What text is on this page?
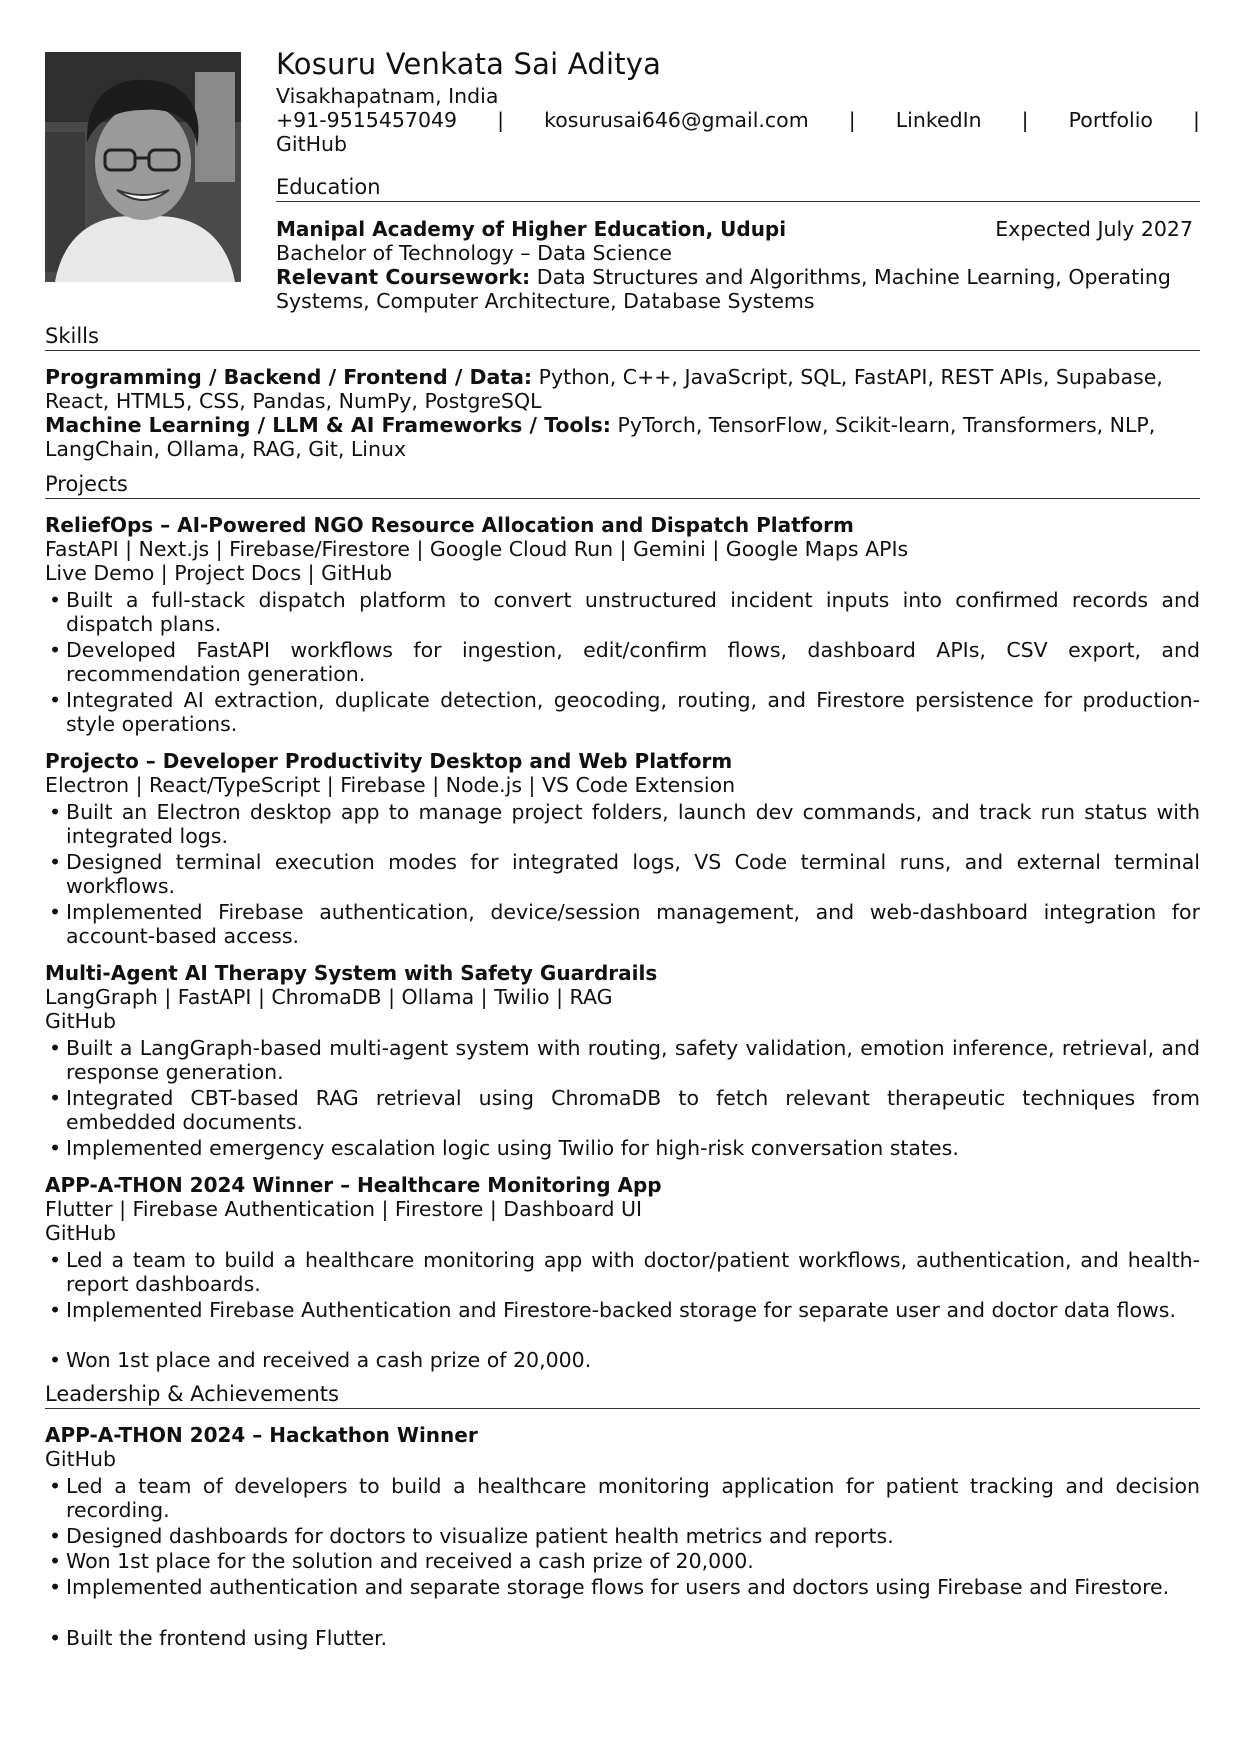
Kosuru Venkata Sai Aditya
Visakhapatnam, India
+91-9515457049 | kosurusai646@gmail.com | LinkedIn | Portfolio |
GitHub
Education
Manipal Academy of Higher Education, Udupi	Expected July 2027
Bachelor of Technology – Data Science
Relevant Coursework: Data Structures and Algorithms, Machine Learning, Operating
Systems, Computer Architecture, Database Systems
Skills
Programming / Backend / Frontend / Data: Python, C++, JavaScript, SQL, FastAPI, REST APIs, Supabase,
React, HTML5, CSS, Pandas, NumPy, PostgreSQL
Machine Learning / LLM & AI Frameworks / Tools: PyTorch, TensorFlow, Scikit-learn, Transformers, NLP,
LangChain, Ollama, RAG, Git, Linux
Projects
ReliefOps – AI-Powered NGO Resource Allocation and Dispatch Platform
FastAPI | Next.js | Firebase/Firestore | Google Cloud Run | Gemini | Google Maps APIs
Live Demo | Project Docs | GitHub
• Built a full-stack dispatch platform to convert unstructured incident inputs into confirmed records and dispatch plans.
• Developed FastAPI workflows for ingestion, edit/confirm flows, dashboard APIs, CSV export, and recommendation generation.
• Integrated AI extraction, duplicate detection, geocoding, routing, and Firestore persistence for production-style operations.
Projecto – Developer Productivity Desktop and Web Platform
Electron | React/TypeScript | Firebase | Node.js | VS Code Extension
• Built an Electron desktop app to manage project folders, launch dev commands, and track run status with integrated logs.
• Designed terminal execution modes for integrated logs, VS Code terminal runs, and external terminal workflows.
• Implemented Firebase authentication, device/session management, and web-dashboard integration for account-based access.
Multi-Agent AI Therapy System with Safety Guardrails
LangGraph | FastAPI | ChromaDB | Ollama | Twilio | RAG
GitHub
• Built a LangGraph-based multi-agent system with routing, safety validation, emotion inference, retrieval, and response generation.
• Integrated CBT-based RAG retrieval using ChromaDB to fetch relevant therapeutic techniques from embedded documents.
• Implemented emergency escalation logic using Twilio for high-risk conversation states.
APP-A-THON 2024 Winner – Healthcare Monitoring App
Flutter | Firebase Authentication | Firestore | Dashboard UI
GitHub
• Led a team to build a healthcare monitoring app with doctor/patient workflows, authentication, and health-report dashboards.
• Implemented Firebase Authentication and Firestore-backed storage for separate user and doctor data flows.
• Won 1st place and received a cash prize of 20,000.
Leadership & Achievements
APP-A-THON 2024 – Hackathon Winner
GitHub
• Led a team of developers to build a healthcare monitoring application for patient tracking and decision recording.
• Designed dashboards for doctors to visualize patient health metrics and reports.
• Won 1st place for the solution and received a cash prize of 20,000.
• Implemented authentication and separate storage flows for users and doctors using Firebase and Firestore.
• Built the frontend using Flutter.
